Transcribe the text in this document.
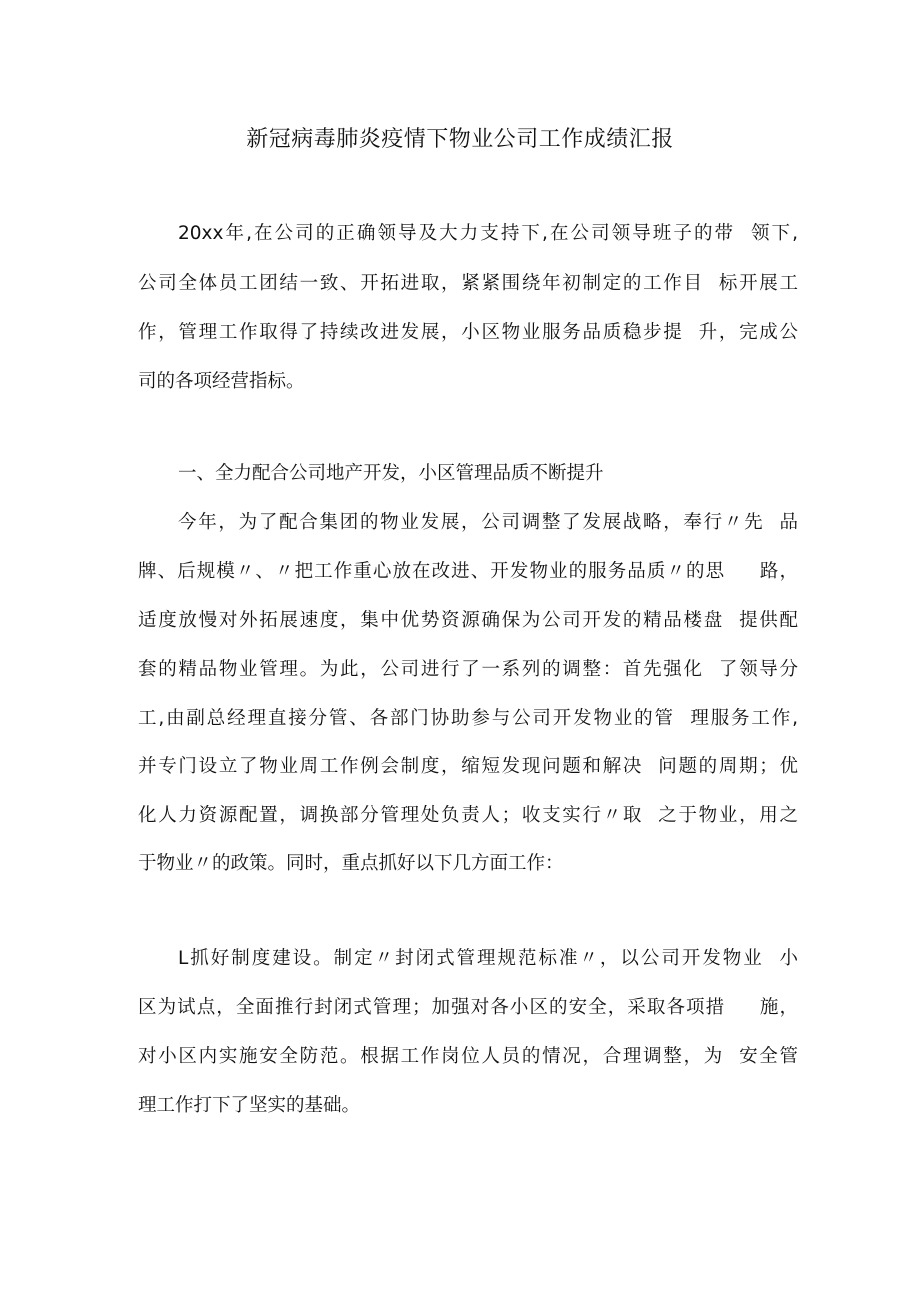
新冠病毒肺炎疫情下物业公司工作成绩汇报
20xx年,在公司的正确领导及大力支持下,在公司领导班子的带  领下,
公司全体员工团结一致、开拓进取，紧紧围绕年初制定的工作目  标开展工
作，管理工作取得了持续改进发展，小区物业服务品质稳步提  升，完成公
司的各项经营指标。
一、全力配合公司地产开发，小区管理品质不断提升
今年，为了配合集团的物业发展，公司调整了发展战略，奉行〃先  品
牌、后规模〃、〃把工作重心放在改进、开发物业的服务品质〃的思     路，
适度放慢对外拓展速度，集中优势资源确保为公司开发的精品楼盘  提供配
套的精品物业管理。为此，公司进行了一系列的调整：首先强化  了领导分
工,由副总经理直接分管、各部门协助参与公司开发物业的管  理服务工作,
并专门设立了物业周工作例会制度，缩短发现问题和解决  问题的周期；优
化人力资源配置，调换部分管理处负责人；收支实行〃取  之于物业，用之
于物业〃的政策。同时，重点抓好以下几方面工作：
L抓好制度建设。制定〃封闭式管理规范标准〃，以公司开发物业  小
区为试点，全面推行封闭式管理；加强对各小区的安全，采取各项措     施，
对小区内实施安全防范。根据工作岗位人员的情况，合理调整，为  安全管
理工作打下了坚实的基础。
